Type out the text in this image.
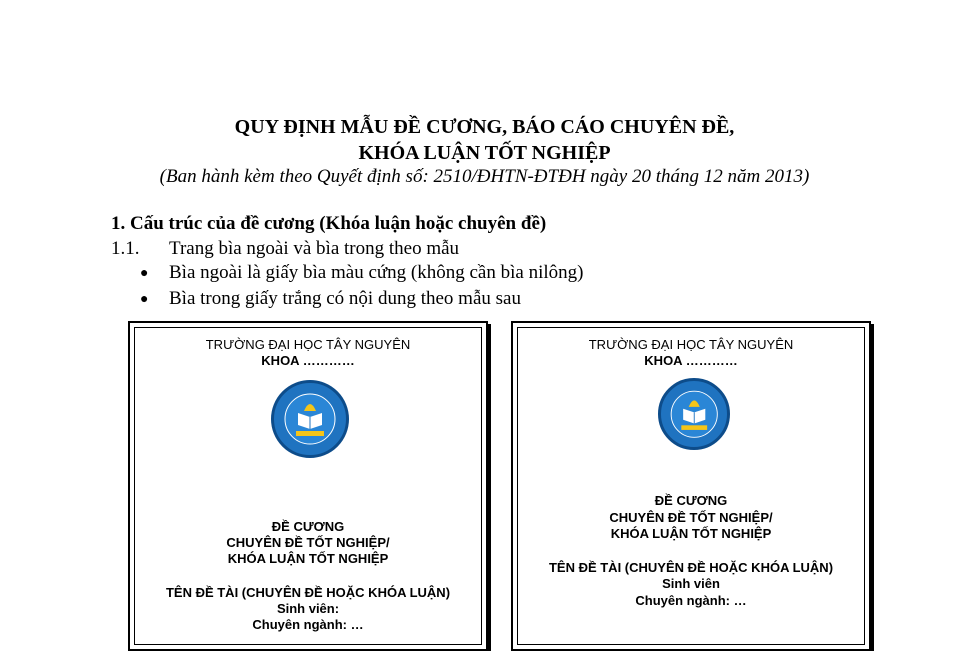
QUY ĐỊNH MẪU ĐỀ CƯƠNG, BÁO CÁO CHUYÊN ĐỀ,
KHÓA LUẬN TỐT NGHIỆP
(Ban hành kèm theo Quyết định số: 2510/ĐHTN-ĐTĐH ngày 20 tháng 12 năm 2013)
1. Cấu trúc của đề cương (Khóa luận hoặc chuyên đề)
1.1. Trang bìa ngoài và bìa trong theo mẫu
● Bìa ngoài là giấy bìa màu cứng (không cần bìa nilông)
● Bìa trong giấy trắng có nội dung theo mẫu sau
TRƯỜNG ĐẠI HỌC TÂY NGUYÊN
KHOA …………
ĐỀ CƯƠNG
CHUYÊN ĐỀ TỐT NGHIỆP/
KHÓA LUẬN TỐT NGHIỆP
TÊN ĐỀ TÀI (CHUYÊN ĐỀ HOẶC KHÓA LUẬN)
Sinh viên:
Chuyên ngành: …
TRƯỜNG ĐẠI HỌC TÂY NGUYÊN
KHOA …………
ĐỀ CƯƠNG
CHUYÊN ĐỀ TỐT NGHIỆP/
KHÓA LUẬN TỐT NGHIỆP
TÊN ĐỀ TÀI (CHUYÊN ĐỀ HOẶC KHÓA LUẬN)
Sinh viên
Chuyên ngành: …
